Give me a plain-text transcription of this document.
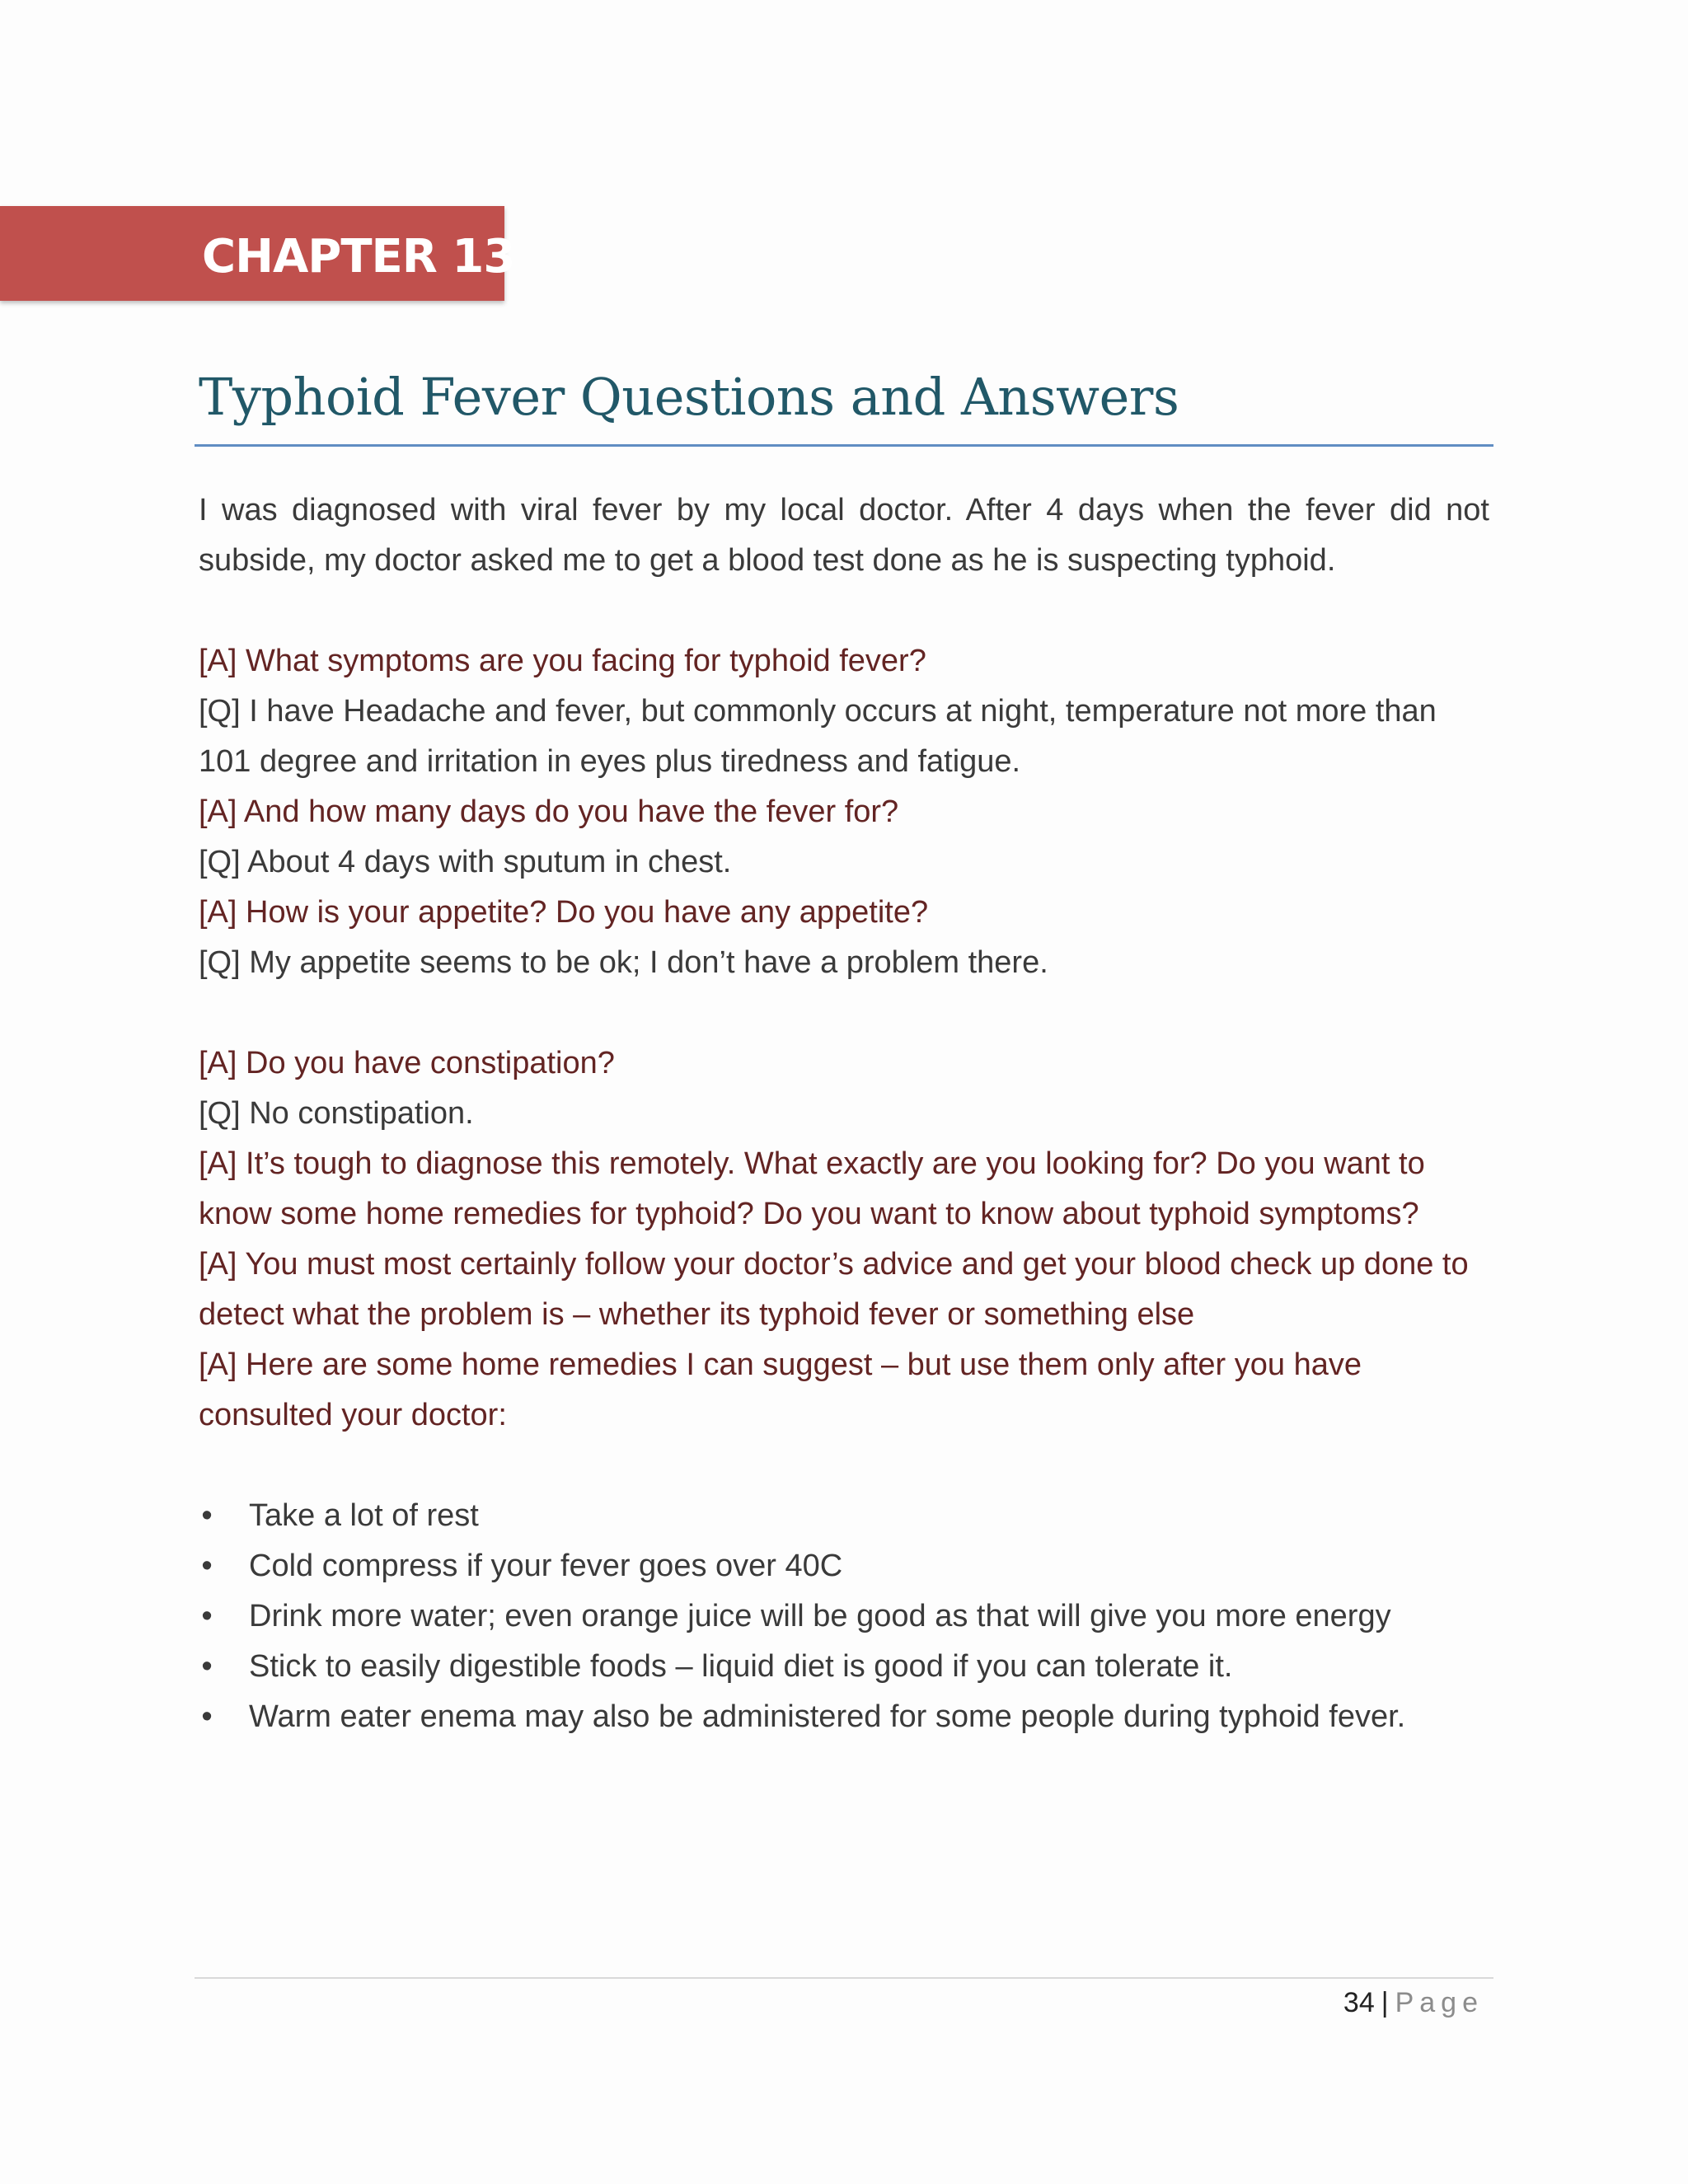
CHAPTER 13
Typhoid Fever Questions and Answers

I was diagnosed with viral fever by my local doctor. After 4 days when the fever did not subside, my doctor asked me to get a blood test done as he is suspecting typhoid.

[A] What symptoms are you facing for typhoid fever?

[Q] I have Headache and fever, but commonly occurs at night, temperature not more than 101 degree and irritation in eyes plus tiredness and fatigue.

[A] And how many days do you have the fever for?

[Q] About 4 days with sputum in chest.

[A] How is your appetite? Do you have any appetite?

[Q] My appetite seems to be ok; I don’t have a problem there.

[A] Do you have constipation?

[Q] No constipation.

[A] It’s tough to diagnose this remotely. What exactly are you looking for? Do you want to know some home remedies for typhoid? Do you want to know about typhoid symptoms?

[A] You must most certainly follow your doctor’s advice and get your blood check up done to detect what the problem is – whether its typhoid fever or something else

[A] Here are some home remedies I can suggest – but use them only after you have consulted your doctor:

• Take a lot of rest
• Cold compress if your fever goes over 40C
• Drink more water; even orange juice will be good as that will give you more energy
• Stick to easily digestible foods – liquid diet is good if you can tolerate it.
• Warm eater enema may also be administered for some people during typhoid fever.
34 | Page
